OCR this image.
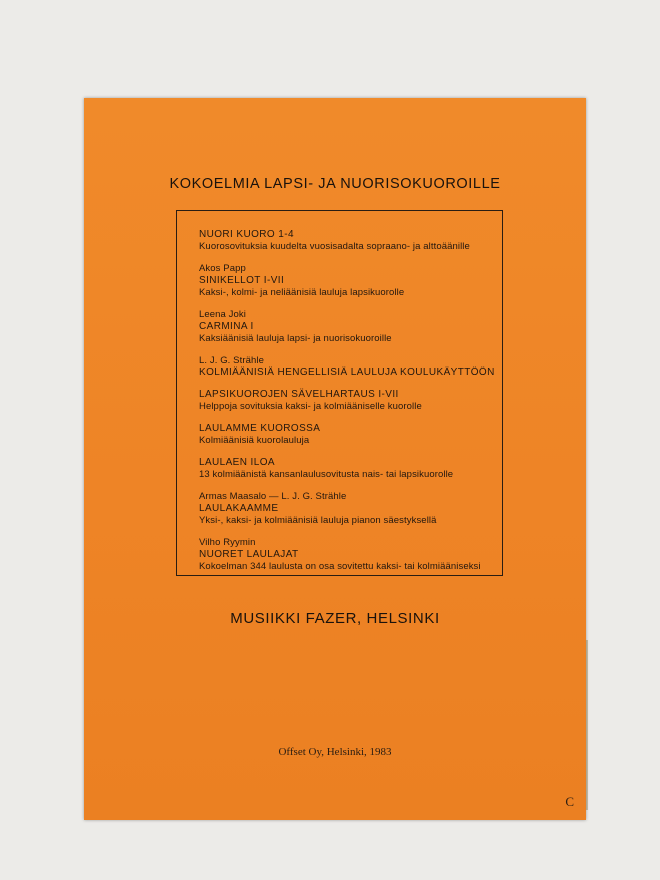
KOKOELMIA LAPSI- JA NUORISOKUOROILLE
NUORI KUORO 1-4
Kuorosovituksia kuudelta vuosisadalta sopraano- ja alttoäänille
Akos Papp
SINIKELLOT I-VII
Kaksi-, kolmi- ja neliäänisiä lauluja lapsikuorolle
Leena Joki
CARMINA I
Kaksiäänisiä lauluja lapsi- ja nuorisokuoroille
L. J. G. Strähle
KOLMIÄÄNISIÄ HENGELLISIÄ LAULUJA KOULUKÄYTTÖÖN
LAPSIKUOROJEN SÄVELHARTAUS I-VII
Helppoja sovituksia kaksi- ja kolmiääniselle kuorolle
LAULAMME KUOROSSA
Kolmiäänisiä kuorolauluja
LAULAEN ILOA
13 kolmiäänistä kansanlaulusovitusta nais- tai lapsikuorolle
Armas Maasalo — L. J. G. Strähle
LAULAKAAMME
Yksi-, kaksi- ja kolmiäänisiä lauluja pianon säestyksellä
Vilho Ryymin
NUORET LAULAJAT
Kokoelman 344 laulusta on osa sovitettu kaksi- tai kolmiääniseksi
MUSIIKKI FAZER, HELSINKI
Offset Oy, Helsinki, 1983
C
